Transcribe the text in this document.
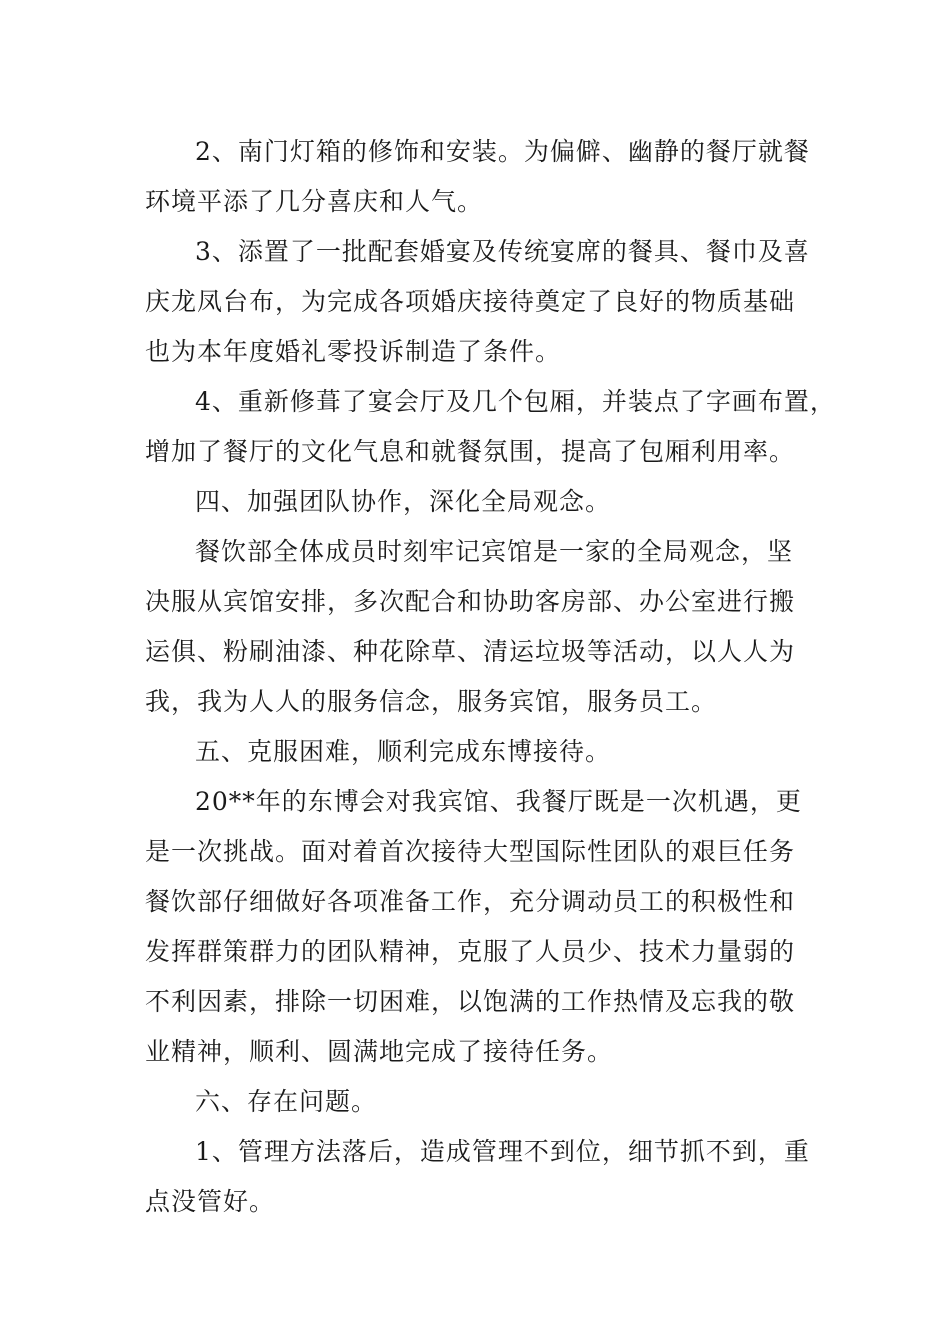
2、南门灯箱的修饰和安装。为偏僻、幽静的餐厅就餐
环境平添了几分喜庆和人气。
3、添置了一批配套婚宴及传统宴席的餐具、餐巾及喜
庆龙凤台布，为完成各项婚庆接待奠定了良好的物质基础
也为本年度婚礼零投诉制造了条件。
4、重新修葺了宴会厅及几个包厢，并装点了字画布置，
增加了餐厅的文化气息和就餐氛围，提高了包厢利用率。
四、加强团队协作，深化全局观念。
餐饮部全体成员时刻牢记宾馆是一家的全局观念，坚
决服从宾馆安排，多次配合和协助客房部、办公室进行搬
运俱、粉刷油漆、种花除草、清运垃圾等活动，以人人为
我，我为人人的服务信念，服务宾馆，服务员工。
五、克服困难，顺利完成东博接待。
20**年的东博会对我宾馆、我餐厅既是一次机遇，更
是一次挑战。面对着首次接待大型国际性团队的艰巨任务
餐饮部仔细做好各项准备工作，充分调动员工的积极性和
发挥群策群力的团队精神，克服了人员少、技术力量弱的
不利因素，排除一切困难，以饱满的工作热情及忘我的敬
业精神，顺利、圆满地完成了接待任务。
六、存在问题。
1、管理方法落后，造成管理不到位，细节抓不到，重
点没管好。
